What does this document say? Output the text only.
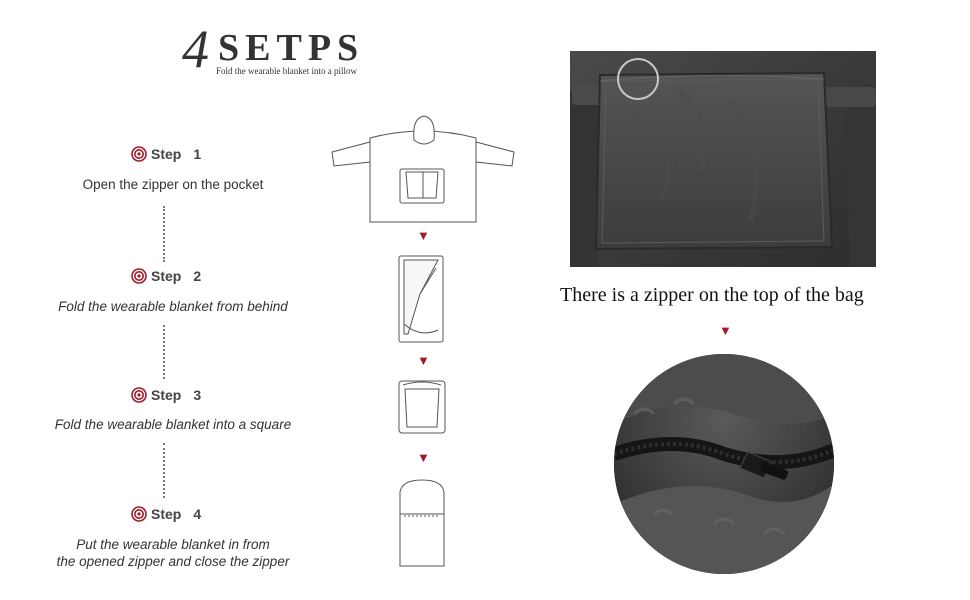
4 SETPS
Fold the wearable blanket into a pillow
Step 1
Open the zipper on the pocket
Step 2
Fold the wearable blanket from behind
Step 3
Fold the wearable blanket into a square
Step 4
Put the wearable blanket in from
the opened zipper and close the zipper
▼
▼
▼
There is a zipper on the top of the bag
▼
